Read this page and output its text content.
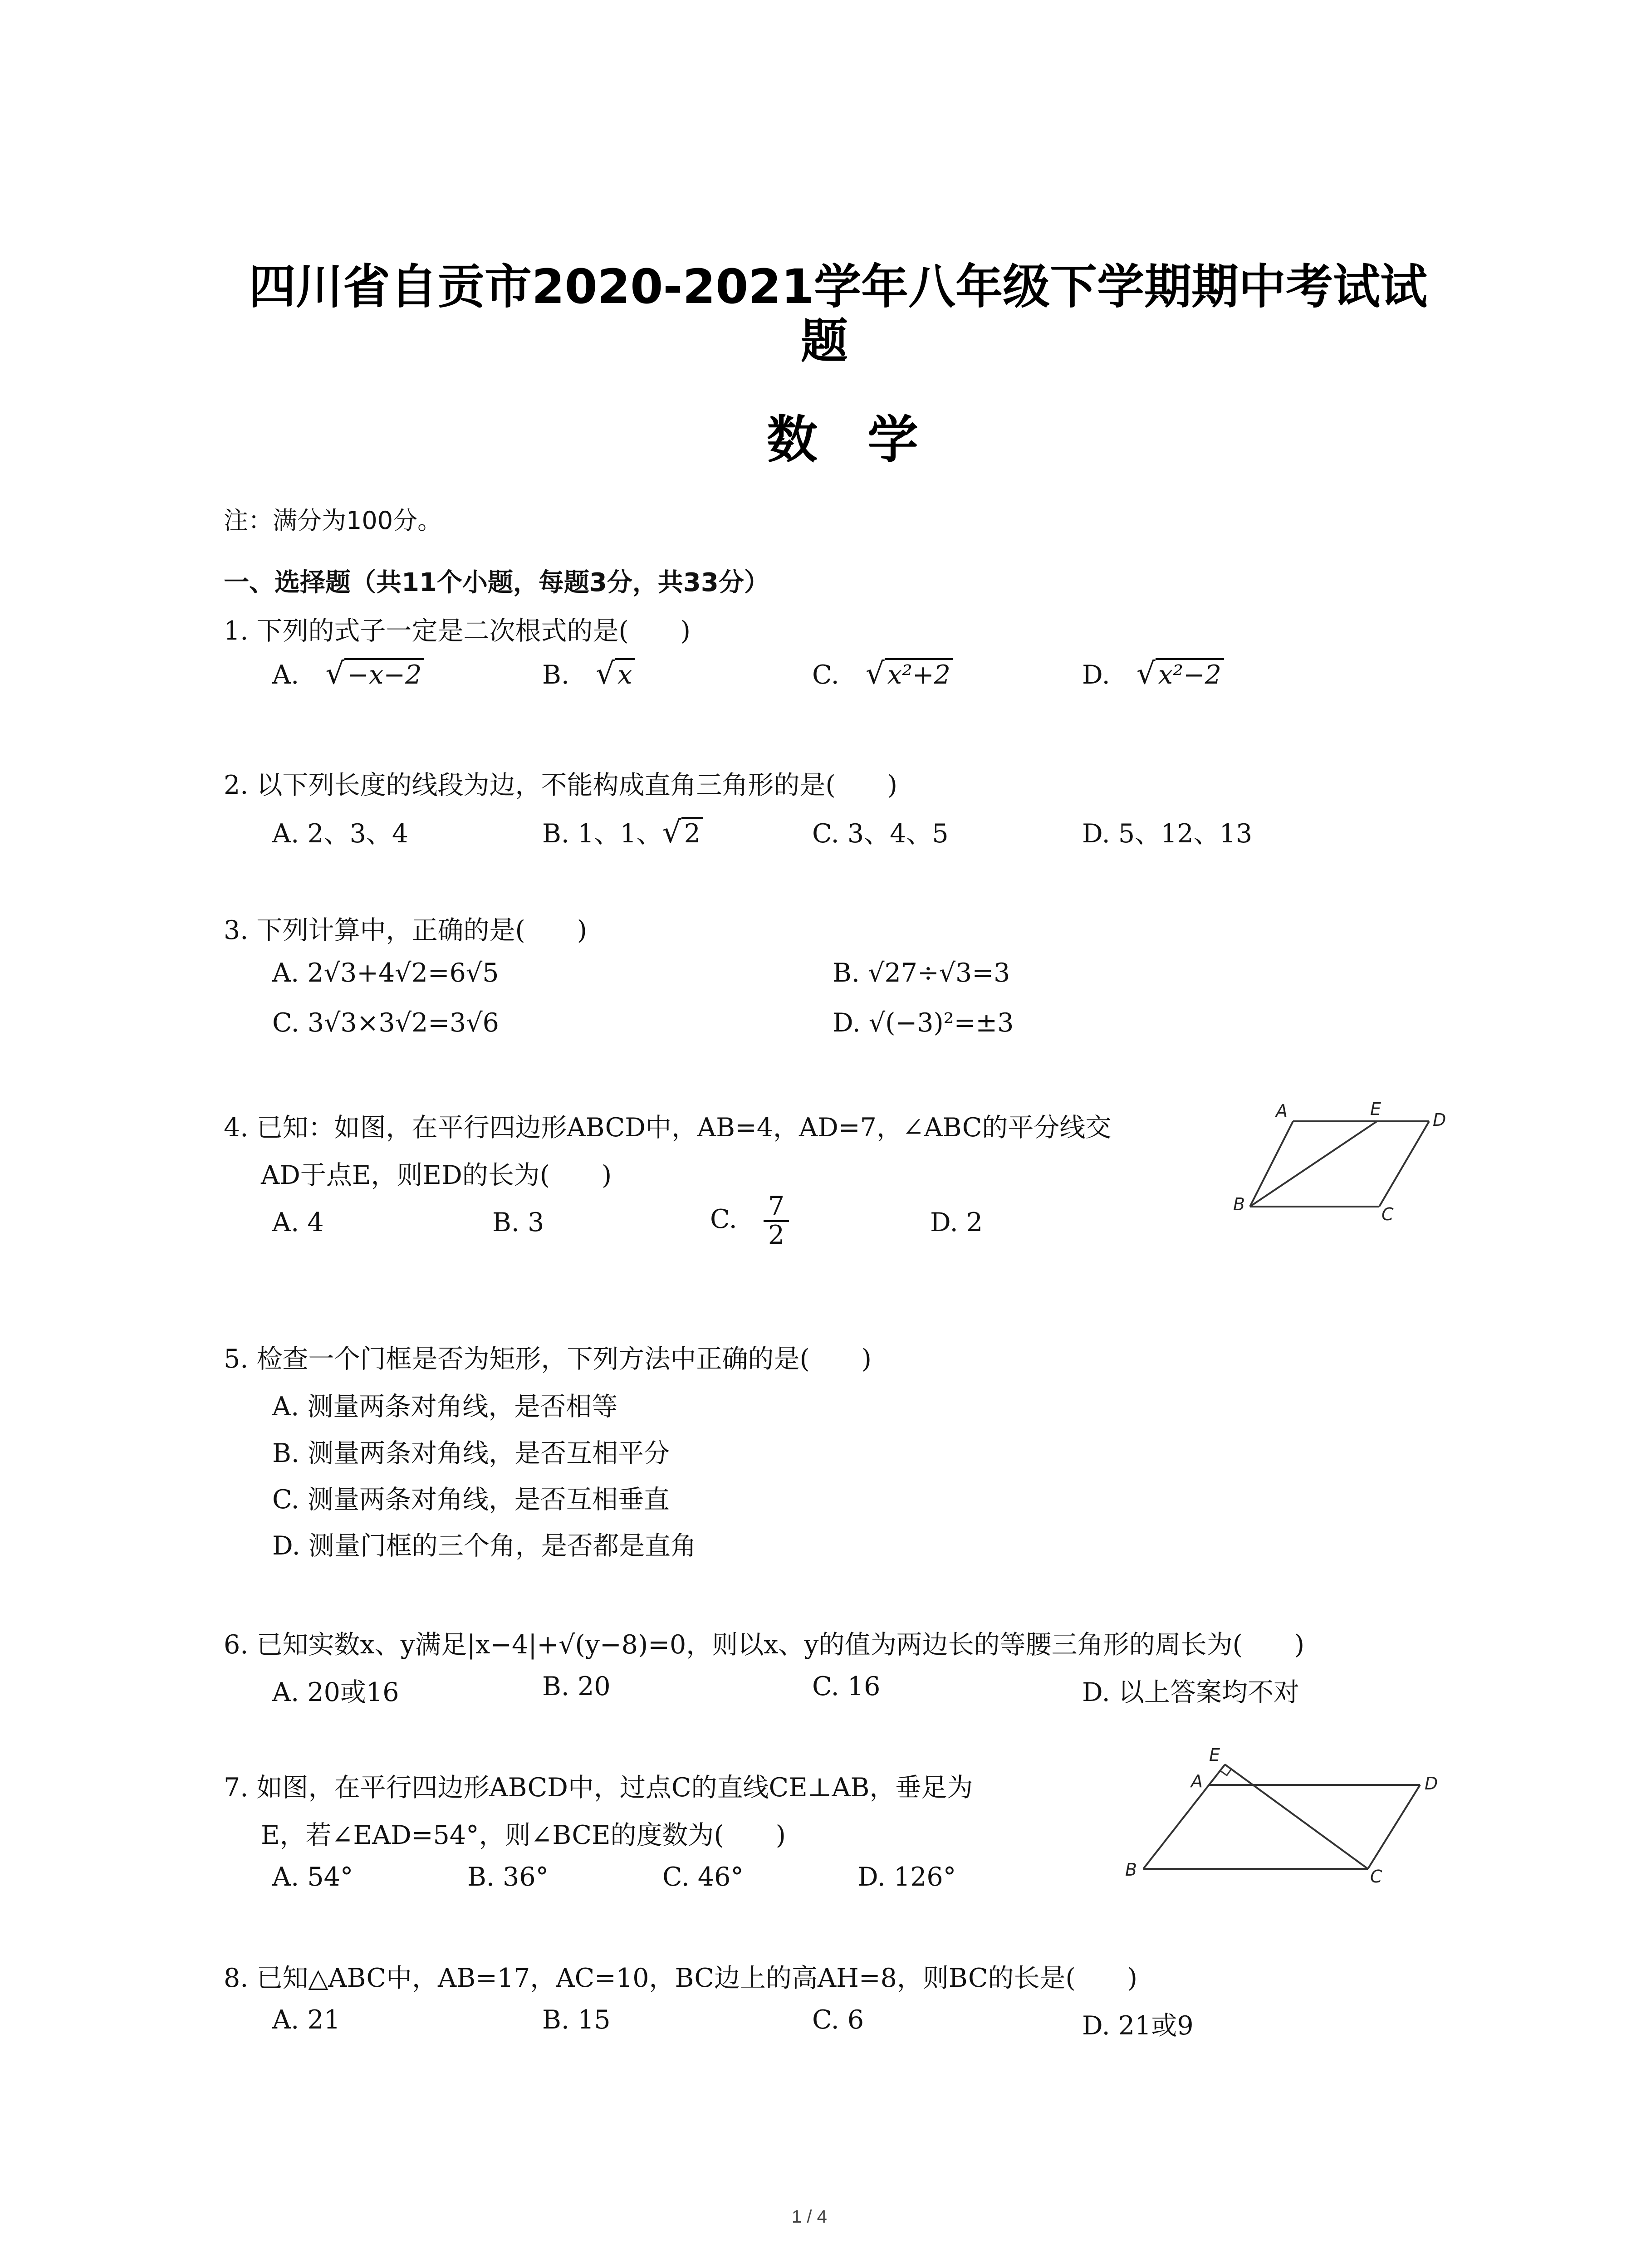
四川省自贡市2020-2021学年八年级下学期期中考试试
题
数学
注：满分为100分。
一、选择题（共11个小题，每题3分，共33分）
1. 下列的式子一定是二次根式的是(　　)
A. √ −x−2	B. √ x	C. √ x²+2	D. √ x²−2
2. 以下列长度的线段为边，不能构成直角三角形的是(　　)
A. 2、3、4	B. 1、1、 √ 2	C. 3、4、5	D. 5、12、13
3. 下列计算中，正确的是(　　)
A. 2√3+4√2=6√5	B. √27÷√3=3
C. 3√3×3√2=3√6	D. √(−3)²=±3
4. 已知：如图，在平行四边形ABCD中，AB=4，AD=7，∠ABC的平分线交
AD于点E，则ED的长为(　　)
A. 4	B. 3	C. $\frac{7}{2}$	D. 2
A	E
D
B	C
5. 检查一个门框是否为矩形，下列方法中正确的是(　　)
A. 测量两条对角线，是否相等
B. 测量两条对角线，是否互相平分
C. 测量两条对角线，是否互相垂直
D. 测量门框的三个角，是否都是直角
6. 已知实数x、y满足|x−4|+√(y−8)=0，则以x、y的值为两边长的等腰三角形的周长为(　　)
A. 20或16	B. 20	C. 16	D. 以上答案均不对
7. 如图，在平行四边形ABCD中，过点C的直线CE⊥AB，垂足为
E，若∠EAD=54°，则∠BCE的度数为(　　)
A. 54°	B. 36°	C. 46°	D. 126°
E
A	D
B	C
8. 已知△ABC中，AB=17，AC=10，BC边上的高AH=8，则BC的长是(　　)
A. 21	B. 15	C. 6	D. 21或9
1 / 4
